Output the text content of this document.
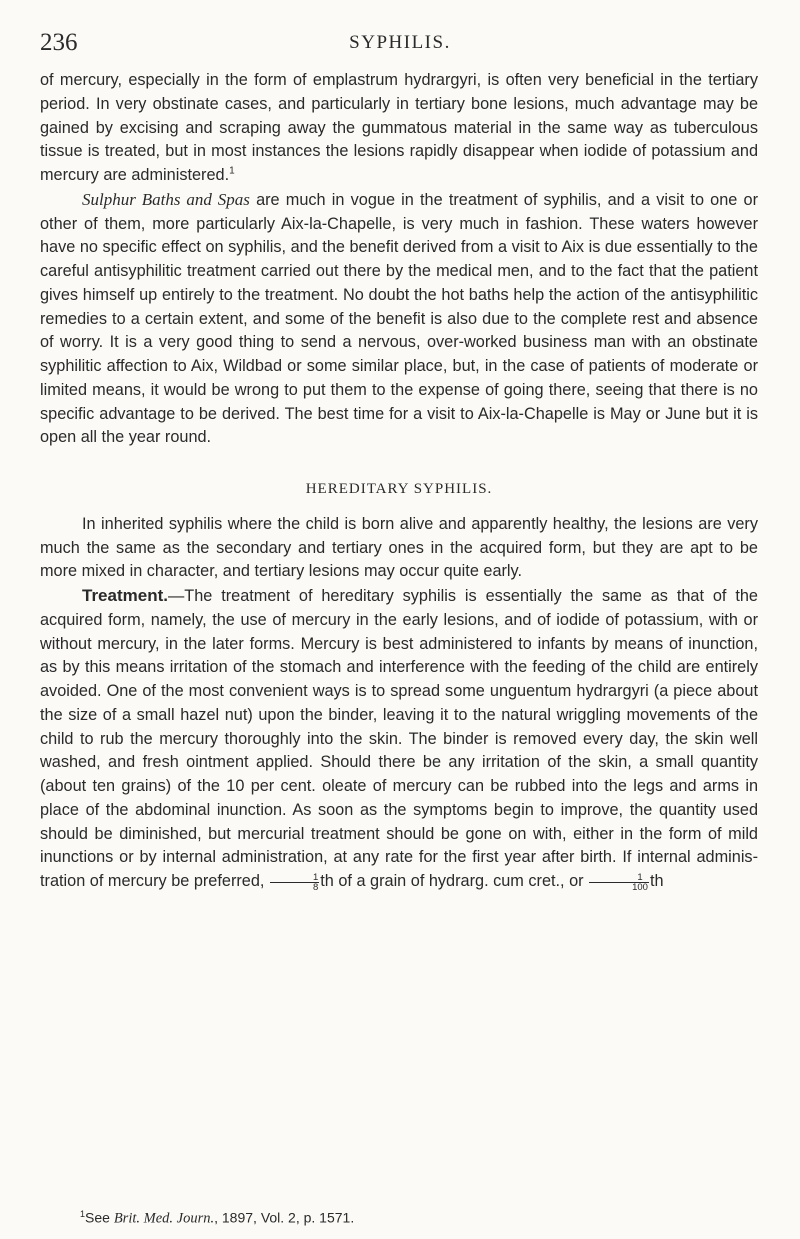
236	SYPHILIS.

of mercury, especially in the form of emplastrum hydrargyri, is often very beneficial in the tertiary period. In very obstinate cases, and particularly in tertiary bone lesions, much advantage may be gained by excising and scraping away the gummatous material in the same way as tuberculous tissue is treated, but in most instances the lesions rapidly disappear when iodide of potassium and mercury are administered.$^1$

Sulphur Baths and Spas are much in vogue in the treatment of syphilis, and a visit to one or other of them, more particularly Aix-la-Chapelle, is very much in fashion. These waters however have no specific effect on syphilis, and the benefit derived from a visit to Aix is due essentially to the careful antisyphilitic treatment carried out there by the medical men, and to the fact that the patient gives himself up entirely to the treatment. No doubt the hot baths help the action of the antisyphilitic remedies to a certain extent, and some of the benefit is also due to the complete rest and absence of worry. It is a very good thing to send a nervous, over-worked business man with an obstinate syphilitic affection to Aix, Wildbad or some similar place, but, in the case of patients of moderate or limited means, it would be wrong to put them to the expense of going there, seeing that there is no specific advantage to be derived. The best time for a visit to Aix-la-Chapelle is May or June but it is open all the year round.

HEREDITARY SYPHILIS.

In inherited syphilis where the child is born alive and apparently healthy, the lesions are very much the same as the secondary and tertiary ones in the acquired form, but they are apt to be more mixed in character, and tertiary lesions may occur quite early.

Treatment.—The treatment of hereditary syphilis is essentially the same as that of the acquired form, namely, the use of mercury in the early lesions, and of iodide of potassium, with or without mercury, in the later forms. Mercury is best administered to infants by means of inunction, as by this means irritation of the stomach and interference with the feeding of the child are entirely avoided. One of the most convenient ways is to spread some unguentum hydrargyri (a piece about the size of a small hazel nut) upon the binder, leaving it to the natural wriggling movements of the child to rub the mercury thoroughly into the skin. The binder is removed every day, the skin well washed, and fresh ointment applied. Should there be any irritation of the skin, a small quantity (about ten grains) of the 10 per cent. oleate of mercury can be rubbed into the legs and arms in place of the abdominal inunction. As soon as the symptoms begin to improve, the quantity used should be diminished, but mercurial treatment should be gone on with, either in the form of mild inunctions or by internal administration, at any rate for the first year after birth. If internal adminis-tration of mercury be preferred, $\frac{1}{8}$ th of a grain of hydrarg. cum cret., or $\frac{1}{100}$ th

$^1$See Brit. Med. Journ., 1897, Vol. 2, p. 1571.
